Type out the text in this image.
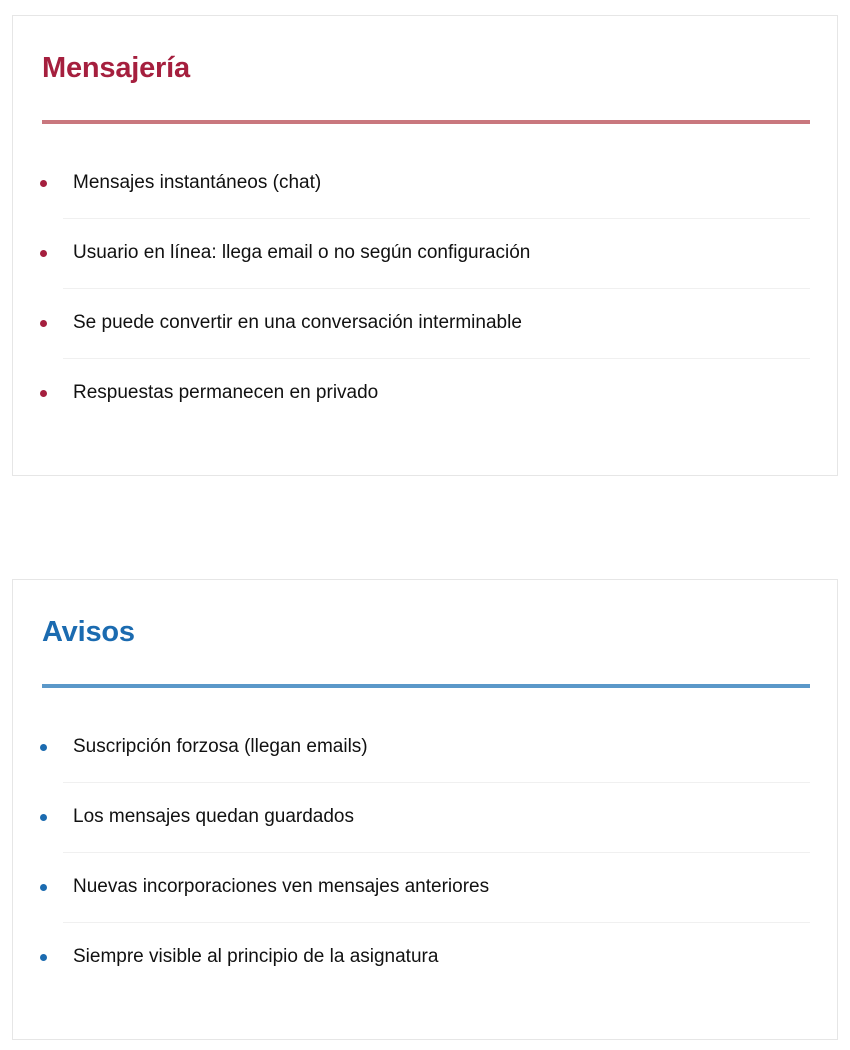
Mensajería
Mensajes instantáneos (chat)
Usuario en línea: llega email o no según configuración
Se puede convertir en una conversación interminable
Respuestas permanecen en privado
Avisos
Suscripción forzosa (llegan emails)
Los mensajes quedan guardados
Nuevas incorporaciones ven mensajes anteriores
Siempre visible al principio de la asignatura
